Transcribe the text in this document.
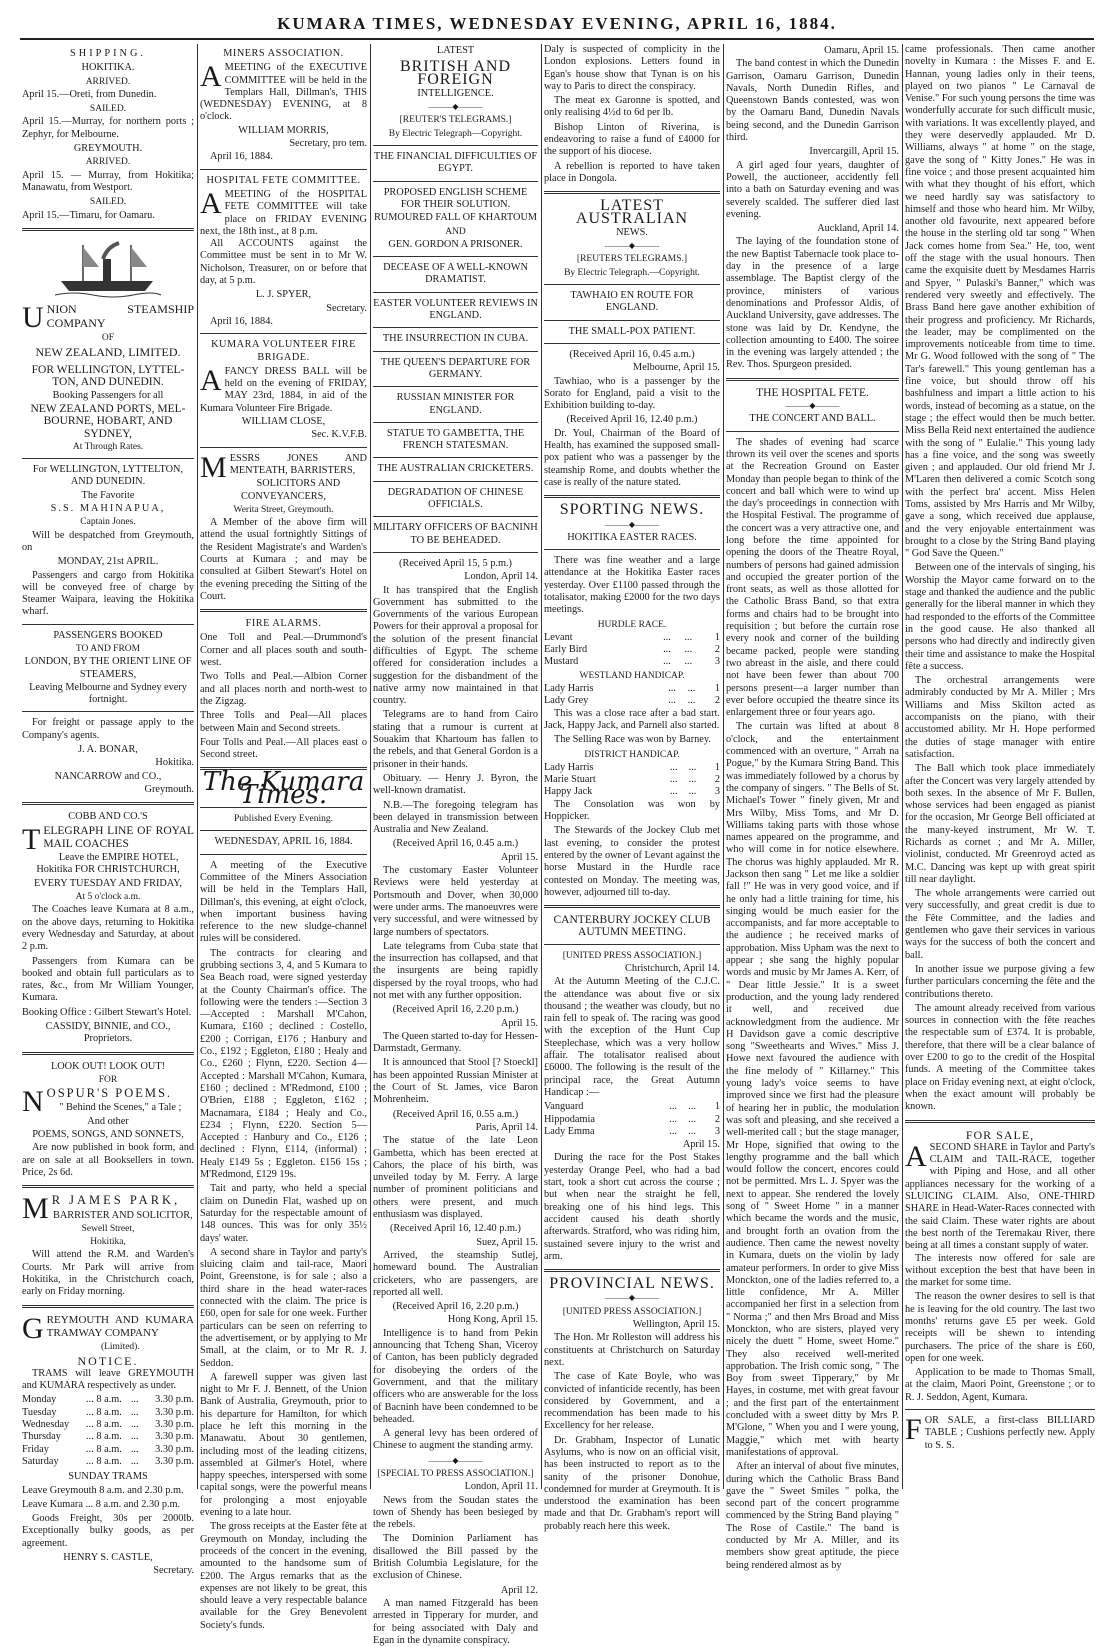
KUMARA TIMES, WEDNESDAY EVENING, APRIL 16, 1884.
SHIPPING.
HOKITIKA.
ARRIVED.

April 15.—Oreti, from Dunedin.

SAILED.

April 15.—Murray, for northern ports ; Zephyr, for Melbourne.

GREYMOUTH.
ARRIVED.

April 15. — Murray, from Hokitika; Manawatu, from Westport.

SAILED.

April 15.—Timaru, for Oamaru.

U NION STEAMSHIP COMPANY
OF
NEW ZEALAND, LIMITED.
FOR WELLINGTON, LYTTEL-TON, AND DUNEDIN.
Booking Passengers for all
NEW ZEALAND PORTS, MEL-BOURNE, HOBART, AND SYDNEY,
At Through Rates.
For WELLINGTON, LYTTELTON, AND DUNEDIN.
The Favorite
S.S. MAHINAPUA,
Captain Jones.

Will be despatched from Greymouth, on

MONDAY, 21st APRIL.

Passengers and cargo from Hokitika will be conveyed free of charge by Steamer Waipara, leaving the Hokitika wharf.

PASSENGERS BOOKED
TO AND FROM
LONDON, BY THE ORIENT LINE OF STEAMERS,
Leaving Melbourne and Sydney every fortnight.

For freight or passage apply to the Company's agents.

J. A. BONAR,
Hokitika.
NANCARROW and CO.,
Greymouth.
COBB AND CO.'S
T ELEGRAPH LINE OF ROYAL MAIL COACHES
Leave the EMPIRE HOTEL, Hokitika FOR CHRISTCHURCH,
EVERY TUESDAY AND FRIDAY,
At 5 o'clock a.m.

The Coaches leave Kumara at 8 a.m., on the above days, returning to Hokitika every Wednesday and Saturday, at about 2 p.m.

Passengers from Kumara can be booked and obtain full particulars as to rates, &c., from Mr William Younger, Kumara.

Booking Office : Gilbert Stewart's Hotel.

CASSIDY, BINNIE, and CO., Proprietors.
LOOK OUT! LOOK OUT!
FOR
N OSPUR'S POEMS.
" Behind the Scenes," a Tale ;
And other
POEMS, SONGS, AND SONNETS,

Are now published in book form, and are on sale at all Booksellers in town. Price, 2s 6d.

M R JAMES PARK,
BARRISTER AND SOLICITOR,
Sewell Street,
Hokitika,

Will attend the R.M. and Warden's Courts. Mr Park will arrive from Hokitika, in the Christchurch coach, early on Friday morning.

G REYMOUTH AND KUMARA TRAMWAY COMPANY
(Limited).
NOTICE.

TRAMS will leave GREYMOUTH and KUMARA respectively as under.

Monday	...	8 a.m.	...	3.30 p.m.
Tuesday	...	8 a.m.	...	3.30 p.m.
Wednesday	...	8 a.m.	...	3.30 p.m.
Thursday	...	8 a.m.	...	3.30 p.m.
Friday	...	8 a.m.	...	3.30 p.m.
Saturday	...	8 a.m.	...	3.30 p.m.
SUNDAY TRAMS

Leave Greymouth 8 a.m. and 2.30 p.m.

Leave Kumara ... 8 a.m. and 2.30 p.m.

Goods Freight, 30s per 2000lb. Exceptionally bulky goods, as per agreement.

HENRY S. CASTLE,
Secretary.
MINERS ASSOCIATION.
A MEETING of the EXECUTIVE COMMITTEE will be held in the Templars Hall, Dillman's, THIS (WEDNESDAY) EVENING, at 8 o'clock.
WILLIAM MORRIS,
Secretary, pro tem.

April 16, 1884.

HOSPITAL FETE COMMITTEE.
A MEETING of the HOSPITAL FETE COMMITTEE will take place on FRIDAY EVENING next, the 18th inst., at 8 p.m.

All ACCOUNTS against the Committee must be sent in to Mr W. Nicholson, Treasurer, on or before that day, at 5 p.m.

L. J. SPYER,
Secretary.

April 16, 1884.

KUMARA VOLUNTEER FIRE BRIGADE.
A FANCY DRESS BALL will be held on the evening of FRIDAY, MAY 23rd, 1884, in aid of the Kumara Volunteer Fire Brigade.
WILLIAM CLOSE,
Sec. K.V.F.B.
M ESSRS JONES AND MENTEATH, BARRISTERS,
SOLICITORS AND CONVEYANCERS,
Werita Street, Greymouth.

A Member of the above firm will attend the usual fortnightly Sittings of the Resident Magistrate's and Warden's Courts at Kumara ; and may be consulted at Gilbert Stewart's Hotel on the evening preceding the Sitting of the Court.

FIRE ALARMS.

One Toll and Peal.—Drummond's Corner and all places south and south-west.

Two Tolls and Peal.—Albion Corner and all places north and north-west to the Zigzag.

Three Tolls and Peal—All places between Main and Second streets.

Four Tolls and Peal.—All places east o Second street.

The Kumara Times.
Published Every Evening.
WEDNESDAY, APRIL 16, 1884.

A meeting of the Executive Committee of the Miners Association will be held in the Templars Hall, Dillman's, this evening, at eight o'clock, when important business having reference to the new sludge-channel rules will be considered.

The contracts for clearing and grubbing sections 3, 4, and 5 Kumara to Sea Beach road, were signed yesterday at the County Chairman's office. The following were the tenders :—Section 3—Accepted : Marshall M'Cahon, Kumara, £160 ; declined : Costello, £200 ; Corrigan, £176 ; Hanbury and Co., £192 ; Eggleton, £180 ; Healy and Co., £260 ; Flynn, £220. Section 4—Accepted : Marshall M'Cahon, Kumara, £160 ; declined : M'Redmond, £100 ; O'Brien, £188 ; Eggleton, £162 ; Macnamara, £184 ; Healy and Co., £234 ; Flynn, £220. Section 5—Accepted : Hanbury and Co., £126 ; declined : Flynn, £114, (informal) ; Healy £149 5s ; Eggleton. £156 15s ; M'Redmond, £129 19s.

Tait and party, who held a special claim on Dunedin Flat, washed up on Saturday for the respectable amount of 148 ounces. This was for only 35½ days' water.

A second share in Taylor and party's sluicing claim and tail-race, Maori Point, Greenstone, is for sale ; also a third share in the head water-races connected with the claim. The price is £60, open for sale for one week. Further particulars can be seen on referring to the advertisement, or by applying to Mr Small, at the claim, or to Mr R. J. Seddon.

A farewell supper was given last night to Mr F. J. Bennett, of the Union Bank of Australia, Greymouth, prior to his departure for Hamilton, for which place he left this morning in the Manawatu. About 30 gentlemen, including most of the leading citizens, assembled at Gilmer's Hotel, where happy speeches, interspersed with some capital songs, were the powerful means for prolonging a most enjoyable evening to a late hour.

The gross receipts at the Easter fête at Greymouth on Monday, including the proceeds of the concert in the evening, amounted to the handsome sum of £200. The Argus remarks that as the expenses are not likely to be great, this should leave a very respectable balance available for the Grey Benevolent Society's funds.

LATEST
BRITISH AND FOREIGN
INTELLIGENCE.
———◆———
[REUTER'S TELEGRAMS.]
By Electric Telegraph—Copyright.
THE FINANCIAL DIFFICULTIES OF EGYPT.
PROPOSED ENGLISH SCHEME FOR THEIR SOLUTION.
RUMOURED FALL OF KHARTOUM
AND
GEN. GORDON A PRISONER.
DECEASE OF A WELL-KNOWN DRAMATIST.
EASTER VOLUNTEER REVIEWS IN ENGLAND.
THE INSURRECTION IN CUBA.
THE QUEEN'S DEPARTURE FOR GERMANY.
RUSSIAN MINISTER FOR ENGLAND.
STATUE TO GAMBETTA, THE FRENCH STATESMAN.
THE AUSTRALIAN CRICKETERS.
DEGRADATION OF CHINESE OFFICIALS.
MILITARY OFFICERS OF BACNINH TO BE BEHEADED.
(Received April 15, 5 p.m.)
London, April 14.

It has transpired that the English Government has submitted to the Governments of the various European Powers for their approval a proposal for the solution of the present financial difficulties of Egypt. The scheme offered for consideration includes a suggestion for the disbandment of the native army now maintained in that country.

Telegrams are to hand from Cairo stating that a rumour is current at Souakim that Khartoum has fallen to the rebels, and that General Gordon is a prisoner in their hands.

Obituary. — Henry J. Byron, the well-known dramatist.

N.B.—The foregoing telegram has been delayed in transmission between Australia and New Zealand.

(Received April 16, 0.45 a.m.)
April 15.

The customary Easter Volunteer Reviews were held yesterday at Portsmouth and Dover, when 30,000 were under arms. The manoeuvres were very successful, and were witnessed by large numbers of spectators.

Late telegrams from Cuba state that the insurrection has collapsed, and that the insurgents are being rapidly dispersed by the royal troops, who had not met with any further opposition.

(Received April 16, 2.20 p.m.)
April 15.

The Queen started to-day for Hessen-Darmstadt, Germany.

It is announced that Stool [? Stoeckl] has been appointed Russian Minister at the Court of St. James, vice Baron Mohrenheim.

(Received April 16, 0.55 a.m.)
Paris, April 14.

The statue of the late Leon Gambetta, which has been erected at Cahors, the place of his birth, was unveiled today by M. Ferry. A large number of prominent politicians and others were present, and much enthusiasm was displayed.

(Received April 16, 12.40 p.m.)
Suez, April 15.

Arrived, the steamship Sutlej, homeward bound. The Australian cricketers, who are passengers, are reported all well.

(Received April 16, 2.20 p.m.)
Hong Kong, April 15.

Intelligence is to hand from Pekin announcing that Tcheng Shan, Viceroy of Canton, has been publicly degraded for disobeying the orders of the Government, and that the military officers who are answerable for the loss of Bacninh have been condemned to be beheaded.

A general levy has been ordered of Chinese to augment the standing army.

———◆———
[SPECIAL TO PRESS ASSOCIATION.]
London, April 11.

News from the Soudan states the town of Shendy has been besieged by the rebels.

The Dominion Parliament has disallowed the Bill passed by the British Columbia Legislature, for the exclusion of Chinese.

April 12.

A man named Fitzgerald has been arrested in Tipperary for murder, and for being associated with Daly and Egan in the dynamite conspiracy.

Daly is suspected of complicity in the London explosions. Letters found in Egan's house show that Tynan is on his way to Paris to direct the conspiracy.

The meat ex Garonne is spotted, and only realising 4½d to 6d per lb.

Bishop Linton of Riverina, is endeavoring to raise a fund of £4000 for the support of his diocese.

A rebellion is reported to have taken place in Dongola.

LATEST AUSTRALIAN
NEWS.
———◆———
[REUTERS TELEGRAMS.]
By Electric Telegraph.—Copyright.
TAWHAIO EN ROUTE FOR ENGLAND.
THE SMALL-POX PATIENT.
(Received April 16, 0.45 a.m.)
Melbourne, April 15.

Tawhiao, who is a passenger by the Sorato for England, paid a visit to the Exhibition building to-day.

(Received April 16, 12.40 p.m.)

Dr. Youl, Chairman of the Board of Health, has examined the supposed small-pox patient who was a passenger by the steamship Rome, and doubts whether the case is really of the nature stated.

SPORTING NEWS.
———◆———
HOKITIKA EASTER RACES.

There was fine weather and a large attendance at the Hokitika Easter races yesterday. Over £1100 passed through the totalisator, making £2000 for the two days meetings.

HURDLE RACE.
Levant	...	...	1
Early Bird	...	...	2
Mustard	...	...	3
WESTLAND HANDICAP.
Lady Harris	...	...	1
Lady Grey	...	...	2

This was a close race after a bad start. Jack, Happy Jack, and Parnell also started.

The Selling Race was won by Barney.

DISTRICT HANDICAP.
Lady Harris	...	...	1
Marie Stuart	...	...	2
Happy Jack	...	...	3

The Consolation was won by Hoppicker.

The Stewards of the Jockey Club met last evening, to consider the protest entered by the owner of Levant against the horse Mustard in the Hurdle race contested on Monday. The meeting was, however, adjourned till to-day.

CANTERBURY JOCKEY CLUB AUTUMN MEETING.
[UNITED PRESS ASSOCIATION.]
Christchurch, April 14.

At the Autumn Meeting of the C.J.C. the attendance was about five or six thousand ; the weather was cloudy, but no rain fell to speak of. The racing was good with the exception of the Hunt Cup Steeplechase, which was a very hollow affair. The totalisator realised about £6000. The following is the result of the principal race, the Great Autumn Handicap :—

Vanguard	...	...	1
Hippodamia	...	...	2
Lady Emma	...	...	3
April 15.

During the race for the Post Stakes yesterday Orange Peel, who had a bad start, took a short cut across the course ; but when near the straight he fell, breaking one of his hind legs. This accident caused his death shortly afterwards. Stratford, who was riding him, sustained severe injury to the wrist and arm.

PROVINCIAL NEWS.
———◆———
[UNITED PRESS ASSOCIATION.]
Wellington, April 15.

The Hon. Mr Rolleston will address his constituents at Christchurch on Saturday next.

The case of Kate Boyle, who was convicted of infanticide recently, has been considered by Government, and a recommendation has been made to his Excellency for her release.

Dr. Grabham, Inspector of Lunatic Asylums, who is now on an official visit, has been instructed to report as to the sanity of the prisoner Donohue, condemned for murder at Greymouth. It is understood the examination has been made and that Dr. Grabham's report will probably reach here this week.

Oamaru, April 15.

The band contest in which the Dunedin Garrison, Oamaru Garrison, Dunedin Navals, North Dunedin Rifles, and Queenstown Bands contested, was won by the Oamaru Band, Dunedin Navals being second, and the Dunedin Garrison third.

Invercargill, April 15.

A girl aged four years, daughter of Powell, the auctioneer, accidently fell into a bath on Saturday evening and was severely scalded. The sufferer died last evening.

Auckland, April 14.

The laying of the foundation stone of the new Baptist Tabernacle took place to-day in the presence of a large assemblage. The Baptist clergy of the province, ministers of various denominations and Professor Aldis, of Auckland University, gave addresses. The stone was laid by Dr. Kendyne, the collection amounting to £400. The soiree in the evening was largely attended ; the Rev. Thos. Spurgeon presided.

THE HOSPITAL FETE.
———◆———
THE CONCERT AND BALL.

The shades of evening had scarce thrown its veil over the scenes and sports at the Recreation Ground on Easter Monday than people began to think of the concert and ball which were to wind up the day's proceedings in connection with the Hospital Festival. The programme of the concert was a very attractive one, and long before the time appointed for opening the doors of the Theatre Royal, numbers of persons had gained admission and occupied the greater portion of the front seats, as well as those allotted for the Catholic Brass Band, so that extra forms and chairs had to be brought into requisition ; but before the curtain rose every nook and corner of the building became packed, people were standing two abreast in the aisle, and there could not have been fewer than about 700 persons present—a larger number than ever before occupied the theatre since its enlargement three or four years ago.

The curtain was lifted at about 8 o'clock, and the entertainment commenced with an overture, " Arrah na Pogue," by the Kumara String Band. This was immediately followed by a chorus by the company of singers. " The Bells of St. Michael's Tower " finely given, Mr and Mrs Wilby, Miss Toms, and Mr D. Williams taking parts with those whose names appeared on the programme, and who will come in for notice elsewhere. The chorus was highly applauded. Mr R. Jackson then sang " Let me like a soldier fall !" He was in very good voice, and if he only had a little training for time, his singing would be much easier for the accompanists, and far more acceptable to the audience ; he received marks of approbation. Miss Upham was the next to appear ; she sang the highly popular words and music by Mr James A. Kerr, of " Dear little Jessie." It is a sweet production, and the young lady rendered it well, and received due acknowledgment from the audience. Mr H Davidson gave a comic descriptive song "Sweethearts and Wives." Miss J. Howe next favoured the audience with the fine melody of " Killarney." This young lady's voice seems to have improved since we first had the pleasure of hearing her in public, the modulation was soft and pleasing, and she received a well-merited call ; but the stage manager, Mr Hope, signified that owing to the lengthy programme and the ball which would follow the concert, encores could not be permitted. Mrs L. J. Spyer was the next to appear. She rendered the lovely song of " Sweet Home " in a manner which became the words and the music, and brought forth an ovation from the audience. Then came the newest novelty in Kumara, duets on the violin by lady amateur performers. In order to give Miss Monckton, one of the ladies referred to, a little confidence, Mr A. Miller accompanied her first in a selection from " Norma ;" and then Mrs Broad and Miss Monckton, who are sisters, played very nicely the duett " Home, sweet Home." They also received well-merited approbation. The Irish comic song, " The Boy from sweet Tipperary," by Mr Hayes, in costume, met with great favour ; and the first part of the entertainment concluded with a sweet ditty by Mrs P. M'Glone, " When you and I were young, Maggie," which met with hearty manifestations of approval.

After an interval of about five minutes, during which the Catholic Brass Band gave the " Sweet Smiles " polka, the second part of the concert programme commenced by the String Band playing " The Rose of Castile." The band is conducted by Mr A. Miller, and its members show great aptitude, the piece being rendered almost as by

came professionals. Then came another novelty in Kumara : the Misses F. and E. Hannan, young ladies only in their teens, played on two pianos " Le Carnaval de Venise." For such young persons the time was wonderfully accurate for such difficult music, with variations. It was excellently played, and they were deservedly applauded. Mr D. Williams, always " at home " on the stage, gave the song of " Kitty Jones." He was in fine voice ; and those present acquainted him with what they thought of his effort, which we need hardly say was satisfactory to himself and those who heard him. Mr Wilby, another old favourite, next appeared before the house in the sterling old tar song " When Jack comes home from Sea." He, too, went off the stage with the usual honours. Then came the exquisite duett by Mesdames Harris and Spyer, " Pulaski's Banner," which was rendered very sweetly and effectively. The Brass Band here gave another exhibition of their progress and proficiency. Mr Richards, the leader, may be complimented on the improvements noticeable from time to time. Mr G. Wood followed with the song of " The Tar's farewell." This young gentleman has a fine voice, but should throw off his bashfulness and impart a little action to his words, instead of becoming as a statue, on the stage ; the effect would then be much better. Miss Bella Reid next entertained the audience with the song of " Eulalie." This young lady has a fine voice, and the song was sweetly given ; and applauded. Our old friend Mr J. M'Laren then delivered a comic Scotch song with the perfect bra' accent. Miss Helen Toms, assisted by Mrs Harris and Mr Wilby, gave a song, which received due applause, and the very enjoyable entertainment was brought to a close by the String Band playing " God Save the Queen."

Between one of the intervals of singing, his Worship the Mayor came forward on to the stage and thanked the audience and the public generally for the liberal manner in which they had responded to the efforts of the Committee in the good cause. He also thanked all persons who had directly and indirectly given their time and assistance to make the Hospital fête a success.

The orchestral arrangements were admirably conducted by Mr A. Miller ; Mrs Williams and Miss Skilton acted as accompanists on the piano, with their accustomed ability. Mr H. Hope performed the duties of stage manager with entire satisfaction.

The Ball which took place immediately after the Concert was very largely attended by both sexes. In the absence of Mr F. Bullen, whose services had been engaged as pianist for the occasion, Mr George Bell officiated at the many-keyed instrument, Mr W. T. Richards as cornet ; and Mr A. Miller, violinist, conducted. Mr Greenroyd acted as M.C. Dancing was kept up with great spirit till near daylight.

The whole arrangements were carried out very successfully, and great credit is due to the Fête Committee, and the ladies and gentlemen who gave their services in various ways for the success of both the concert and ball.

In another issue we purpose giving a few further particulars concerning the fête and the contributions thereto.

The amount already received from various sources in connection with the fête reaches the respectable sum of £374. It is probable, therefore, that there will be a clear balance of over £200 to go to the credit of the Hospital funds. A meeting of the Committee takes place on Friday evening next, at eight o'clock, when the exact amount will probably be known.

FOR SALE,
A SECOND SHARE in Taylor and Party's CLAIM and TAIL-RACE, together with Piping and Hose, and all other appliances necessary for the working of a SLUICING CLAIM. Also, ONE-THIRD SHARE in Head-Water-Races connected with the said Claim. These water rights are about the best north of the Teremakau River, there being at all times a constant supply of water.

The interests now offered for sale are without exception the best that have been in the market for some time.

The reason the owner desires to sell is that he is leaving for the old country. The last two months' returns gave £5 per week. Gold receipts will be shewn to intending purchasers. The price of the share is £60, open for one week.

Application to be made to Thomas Small, at the claim, Maori Point, Greenstone ; or to R. J. Seddon, Agent, Kumara.

F OR SALE, a first-class BILLIARD TABLE ; Cushions perfectly new. Apply to S. S.
